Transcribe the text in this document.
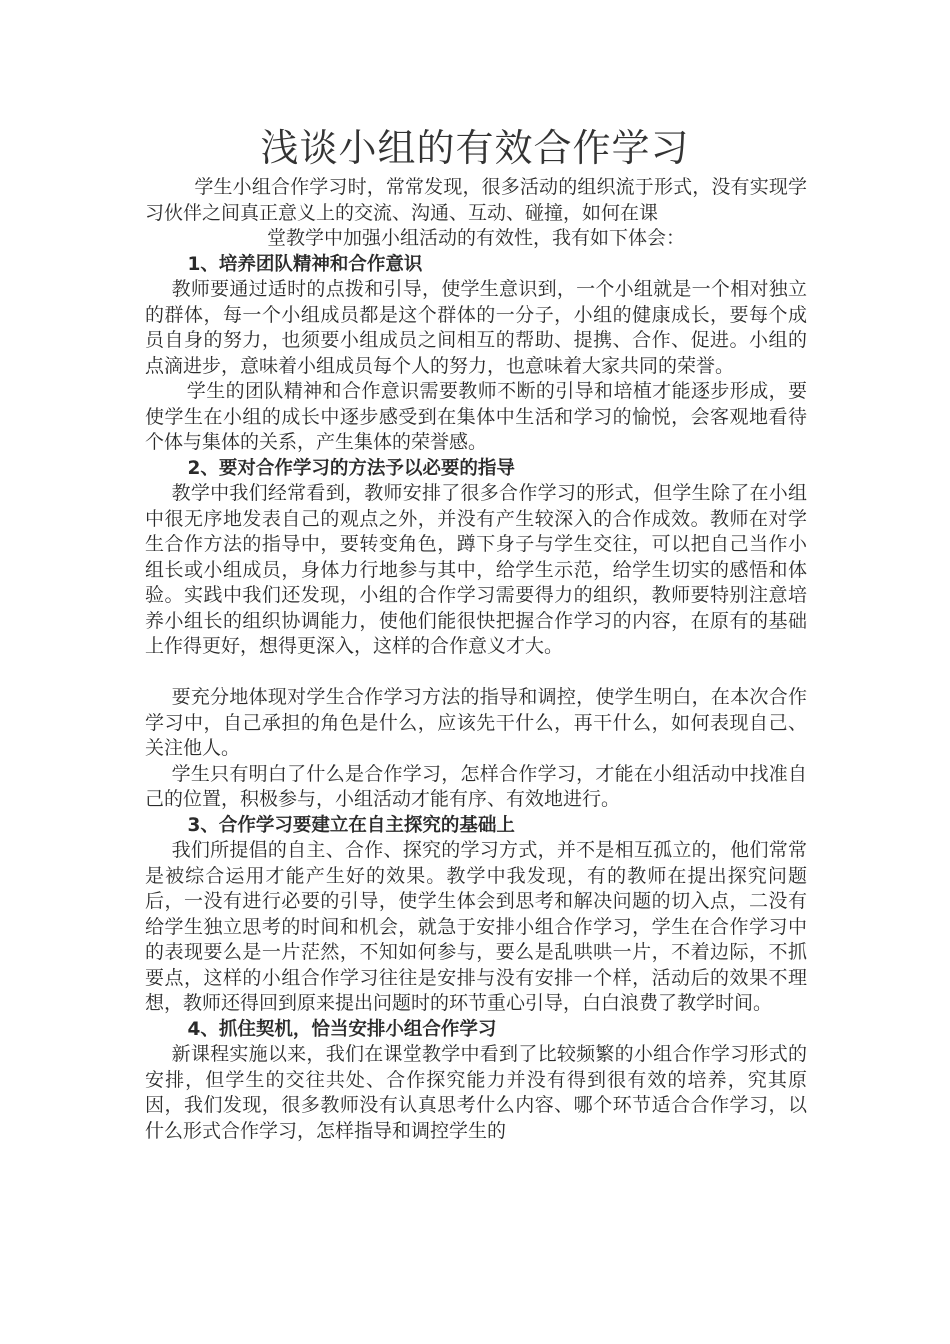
浅谈小组的有效合作学习

学生小组合作学习时，常常发现，很多活动的组织流于形式，没有实现学习伙伴之间真正意义上的交流、沟通、互动、碰撞，如何在课

堂教学中加强小组活动的有效性，我有如下体会：

1、培养团队精神和合作意识

教师要通过适时的点拨和引导，使学生意识到，一个小组就是一个相对独立的群体，每一个小组成员都是这个群体的一分子，小组的健康成长，要每个成员自身的努力，也须要小组成员之间相互的帮助、提携、合作、促进。小组的点滴进步，意味着小组成员每个人的努力，也意味着大家共同的荣誉。

学生的团队精神和合作意识需要教师不断的引导和培植才能逐步形成，要使学生在小组的成长中逐步感受到在集体中生活和学习的愉悦，会客观地看待个体与集体的关系，产生集体的荣誉感。

2、要对合作学习的方法予以必要的指导

教学中我们经常看到，教师安排了很多合作学习的形式，但学生除了在小组中很无序地发表自己的观点之外，并没有产生较深入的合作成效。教师在对学生合作方法的指导中，要转变角色，蹲下身子与学生交往，可以把自己当作小组长或小组成员，身体力行地参与其中，给学生示范，给学生切实的感悟和体验。实践中我们还发现，小组的合作学习需要得力的组织，教师要特别注意培养小组长的组织协调能力，使他们能很快把握合作学习的内容，在原有的基础上作得更好，想得更深入，这样的合作意义才大。

要充分地体现对学生合作学习方法的指导和调控，使学生明白，在本次合作学习中，自己承担的角色是什么，应该先干什么，再干什么，如何表现自己、关注他人。

学生只有明白了什么是合作学习，怎样合作学习，才能在小组活动中找准自己的位置，积极参与，小组活动才能有序、有效地进行。

3、合作学习要建立在自主探究的基础上

我们所提倡的自主、合作、探究的学习方式，并不是相互孤立的，他们常常是被综合运用才能产生好的效果。教学中我发现，有的教师在提出探究问题后，一没有进行必要的引导，使学生体会到思考和解决问题的切入点，二没有给学生独立思考的时间和机会，就急于安排小组合作学习，学生在合作学习中的表现要么是一片茫然，不知如何参与，要么是乱哄哄一片，不着边际，不抓要点，这样的小组合作学习往往是安排与没有安排一个样，活动后的效果不理想，教师还得回到原来提出问题时的环节重心引导，白白浪费了教学时间。

4、抓住契机，恰当安排小组合作学习

新课程实施以来，我们在课堂教学中看到了比较频繁的小组合作学习形式的安排，但学生的交往共处、合作探究能力并没有得到很有效的培养，究其原因，我们发现，很多教师没有认真思考什么内容、哪个环节适合合作学习，以什么形式合作学习，怎样指导和调控学生的
